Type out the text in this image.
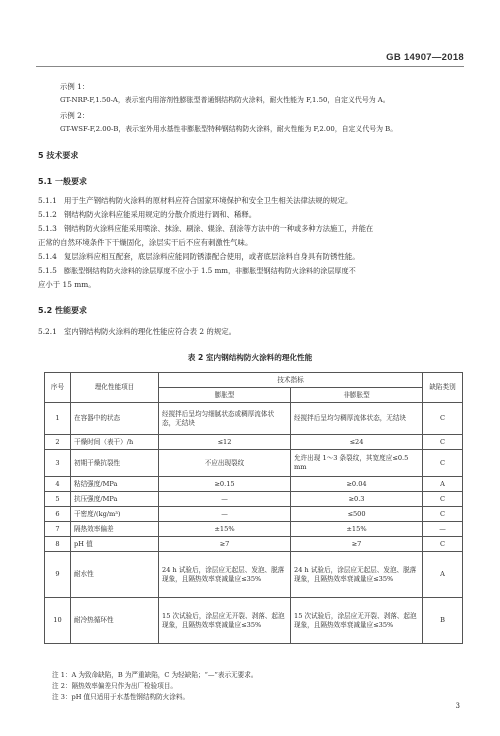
GB 14907—2018
示例 1：
GT-NRP-F,1.50-A，表示室内用溶剂性膨胀型普通钢结构防火涂料，耐火性能为 F,1.50，自定义代号为 A。
示例 2：
GT-WSF-F,2.00-B，表示室外用水基性非膨胀型特种钢结构防火涂料，耐火性能为 F,2.00，自定义代号为 B。
5 技术要求
5.1 一般要求
5.1.1 用于生产钢结构防火涂料的原材料应符合国家环境保护和安全卫生相关法律法规的规定。
5.1.2 钢结构防火涂料应能采用规定的分散介质进行调和、稀释。
5.1.3 钢结构防火涂料应能采用喷涂、抹涂、刷涂、辊涂、刮涂等方法中的一种或多种方法施工，并能在
正常的自然环境条件下干燥固化，涂层实干后不应有刺激性气味。
5.1.4 复层涂料应相互配套，底层涂料应能同防锈漆配合使用，或者底层涂料自身具有防锈性能。
5.1.5 膨胀型钢结构防火涂料的涂层厚度不应小于 1.5 mm，非膨胀型钢结构防火涂料的涂层厚度不
应小于 15 mm。
5.2 性能要求
5.2.1 室内钢结构防火涂料的理化性能应符合表 2 的规定。
表 2 室内钢结构防火涂料的理化性能
序号	理化性能项目	技术指标		缺陷类别
		膨胀型	非膨胀型	
1	在容器中的状态	经搅拌后呈均匀细腻状态或稠厚流体状态，无结块	经搅拌后呈均匀稠厚流体状态，无结块	C
2	干燥时间（表干）/h	≤12	≤24	C
3	初期干燥抗裂性	不应出现裂纹	允许出现 1～3 条裂纹，其宽度应≤0.5 mm	C
4	粘结强度/MPa	≥0.15	≥0.04	A
5	抗压强度/MPa	—	≥0.3	C
6	干密度/(kg/m³)	—	≤500	C
7	隔热效率偏差	±15%	±15%	—
8	pH 值	≥7	≥7	C
9	耐水性	24 h 试验后，涂层应无起层、发泡、脱落现象，且隔热效率衰减量应≤35%	24 h 试验后，涂层应无起层、发泡、脱落现象，且隔热效率衰减量应≤35%	A
10	耐冷热循环性	15 次试验后，涂层应无开裂、剥落、起泡现象，且隔热效率衰减量应≤35%	15 次试验后，涂层应无开裂、剥落、起泡现象，且隔热效率衰减量应≤35%	B
注 1：A 为致命缺陷，B 为严重缺陷，C 为轻缺陷；“—”表示无要求。
注 2：隔热效率偏差只作为出厂检验项目。
注 3：pH 值只适用于水基性钢结构防火涂料。
3
